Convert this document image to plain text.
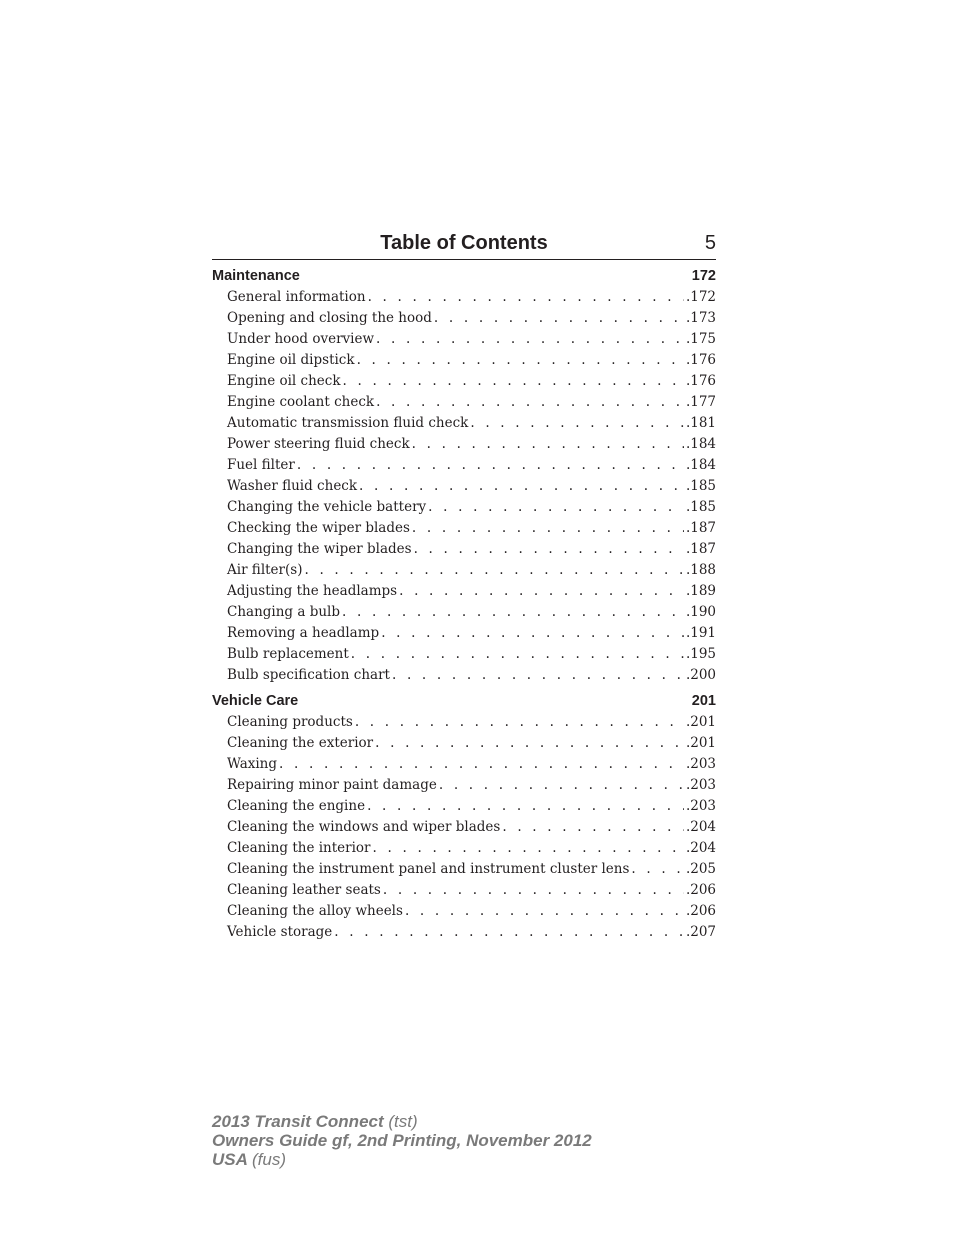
Table of Contents	5
Maintenance	172
General information . . .	.172
Opening and closing the hood . . .	.173
Under hood overview . . .	.175
Engine oil dipstick . . .	.176
Engine oil check . . .	.176
Engine coolant check . . .	.177
Automatic transmission fluid check . . .	.181
Power steering fluid check . . .	.184
Fuel filter . . .	.184
Washer fluid check . . .	.185
Changing the vehicle battery . . .	.185
Checking the wiper blades . . .	.187
Changing the wiper blades . . .	.187
Air filter(s) . . .	.188
Adjusting the headlamps . . .	.189
Changing a bulb . . .	.190
Removing a headlamp . . .	.191
Bulb replacement . . .	.195
Bulb specification chart . . .	.200
Vehicle Care	201
Cleaning products . . .	.201
Cleaning the exterior . . .	.201
Waxing . . .	.203
Repairing minor paint damage . . .	.203
Cleaning the engine . . .	.203
Cleaning the windows and wiper blades . . .	.204
Cleaning the interior . . .	.204
Cleaning the instrument panel and instrument cluster lens . . .	.205
Cleaning leather seats . . .	.206
Cleaning the alloy wheels . . .	.206
Vehicle storage . . .	.207
2013 Transit Connect (tst)
Owners Guide gf, 2nd Printing, November 2012
USA (fus)
